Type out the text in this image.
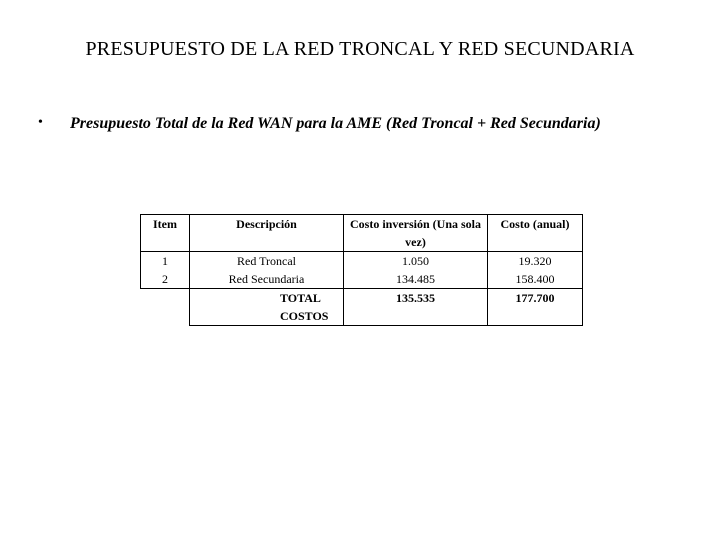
PRESUPUESTO DE LA RED TRONCAL Y RED SECUNDARIA
• Presupuesto Total de la Red WAN para la AME (Red Troncal + Red Secundaria)
Item	Descripción	Costo inversión (Una sola vez)	Costo (anual)
1	Red Troncal	1.050	19.320
2	Red Secundaria	134.485	158.400
	TOTAL COSTOS	135.535	177.700
